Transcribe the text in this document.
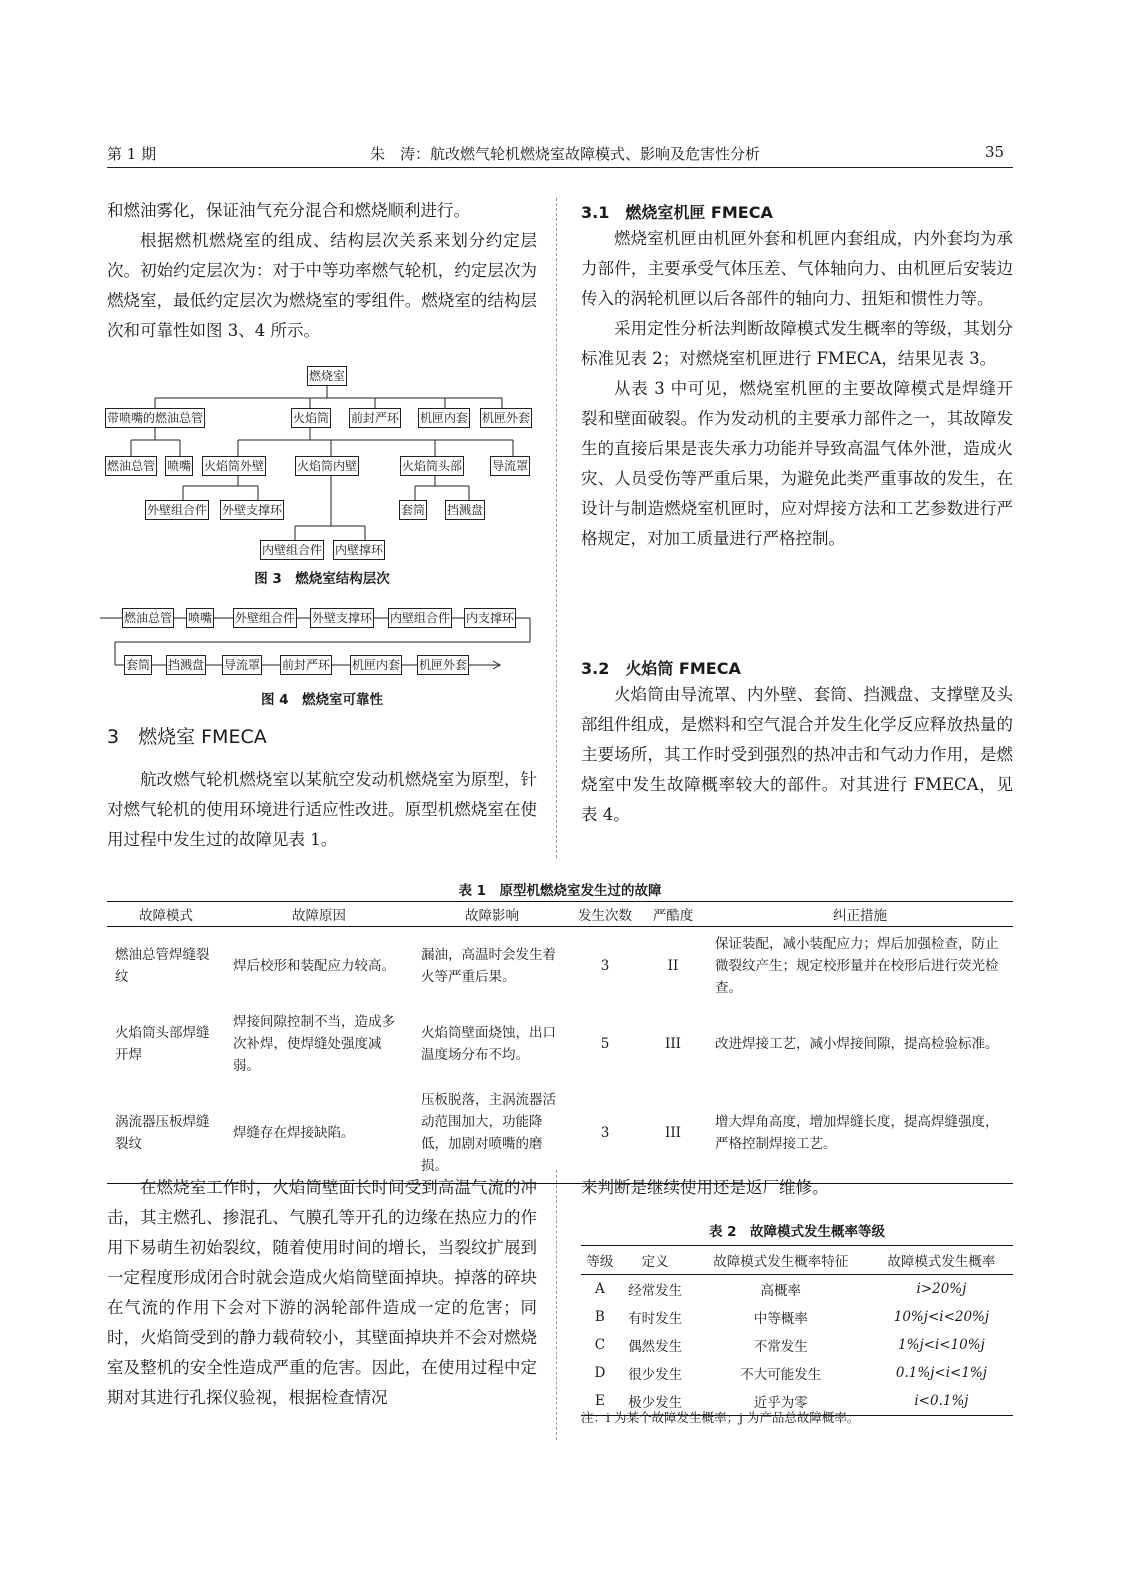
第 1 期	朱　涛：航改燃气轮机燃烧室故障模式、影响及危害性分析	35

和燃油雾化，保证油气充分混合和燃烧顺利进行。

根据燃机燃烧室的组成、结构层次关系来划分约定层次。初始约定层次为：对于中等功率燃气轮机，约定层次为燃烧室，最低约定层次为燃烧室的零组件。燃烧室的结构层次和可靠性如图 3、4 所示。

燃烧室
带喷嘴的燃油总管	火焰筒 前封严环 机匣内套 机匣外套
燃油总管 喷嘴 火焰筒外壁	火焰筒内壁	火焰筒头部 导流罩
外壁组合件 外壁支撑环	套筒 挡溅盘
内壁组合件 内壁撑环
图 3　燃烧室结构层次
燃油总管 喷嘴 外壁组合件 外壁支撑环 内壁组合件 内支撑环
套筒 挡溅盘 导流罩 前封严环 机匣内套 机匣外套
图 4　燃烧室可靠性
3　燃烧室 FMECA

航改燃气轮机燃烧室以某航空发动机燃烧室为原型，针对燃气轮机的使用环境进行适应性改进。原型机燃烧室在使用过程中发生过的故障见表 1。

3.1　燃烧室机匣 FMECA

燃烧室机匣由机匣外套和机匣内套组成，内外套均为承力部件，主要承受气体压差、气体轴向力、由机匣后安装边传入的涡轮机匣以后各部件的轴向力、扭矩和惯性力等。

采用定性分析法判断故障模式发生概率的等级，其划分标准见表 2；对燃烧室机匣进行 FMECA，结果见表 3。

从表 3 中可见，燃烧室机匣的主要故障模式是焊缝开裂和壁面破裂。作为发动机的主要承力部件之一，其故障发生的直接后果是丧失承力功能并导致高温气体外泄，造成火灾、人员受伤等严重后果，为避免此类严重事故的发生，在设计与制造燃烧室机匣时，应对焊接方法和工艺参数进行严格规定，对加工质量进行严格控制。

3.2　火焰筒 FMECA

火焰筒由导流罩、内外壁、套筒、挡溅盘、支撑壁及头部组件组成，是燃料和空气混合并发生化学反应释放热量的主要场所，其工作时受到强烈的热冲击和气动力作用，是燃烧室中发生故障概率较大的部件。对其进行 FMECA，见表 4。

表 1　原型机燃烧室发生过的故障
故障模式	故障原因	故障影响	发生次数	严酷度	纠正措施
燃油总管焊缝裂纹	焊后校形和装配应力较高。	漏油，高温时会发生着火等严重后果。	3	II	保证装配，减小装配应力；焊后加强检查，防止微裂纹产生；规定校形量并在校形后进行荧光检查。
火焰筒头部焊缝开焊	焊接间隙控制不当，造成多次补焊，使焊缝处强度减弱。	火焰筒壁面烧蚀，出口温度场分布不均。	5	III	改进焊接工艺，减小焊接间隙，提高检验标准。
涡流器压板焊缝裂纹	焊缝存在焊接缺陷。	压板脱落，主涡流器活动范围加大，功能降低，加剧对喷嘴的磨损。	3	III	增大焊角高度，增加焊缝长度，提高焊缝强度，严格控制焊接工艺。

在燃烧室工作时，火焰筒壁面长时间受到高温气流的冲击，其主燃孔、掺混孔、气膜孔等开孔的边缘在热应力的作用下易萌生初始裂纹，随着使用时间的增长，当裂纹扩展到一定程度形成闭合时就会造成火焰筒壁面掉块。掉落的碎块在气流的作用下会对下游的涡轮部件造成一定的危害；同时，火焰筒受到的静力载荷较小，其壁面掉块并不会对燃烧室及整机的安全性造成严重的危害。因此，在使用过程中定期对其进行孔探仪验视，根据检查情况

来判断是继续使用还是返厂维修。

表 2　故障模式发生概率等级
等级	定义	故障模式发生概率特征	故障模式发生概率
A	经常发生	高概率	i>20%j
B	有时发生	中等概率	10%j<i<20%j
C	偶然发生	不常发生	1%j<i<10%j
D	很少发生	不大可能发生	0.1%j<i<1%j
E	极少发生	近乎为零	i<0.1%j
注：i 为某个故障发生概率；j 为产品总故障概率。
